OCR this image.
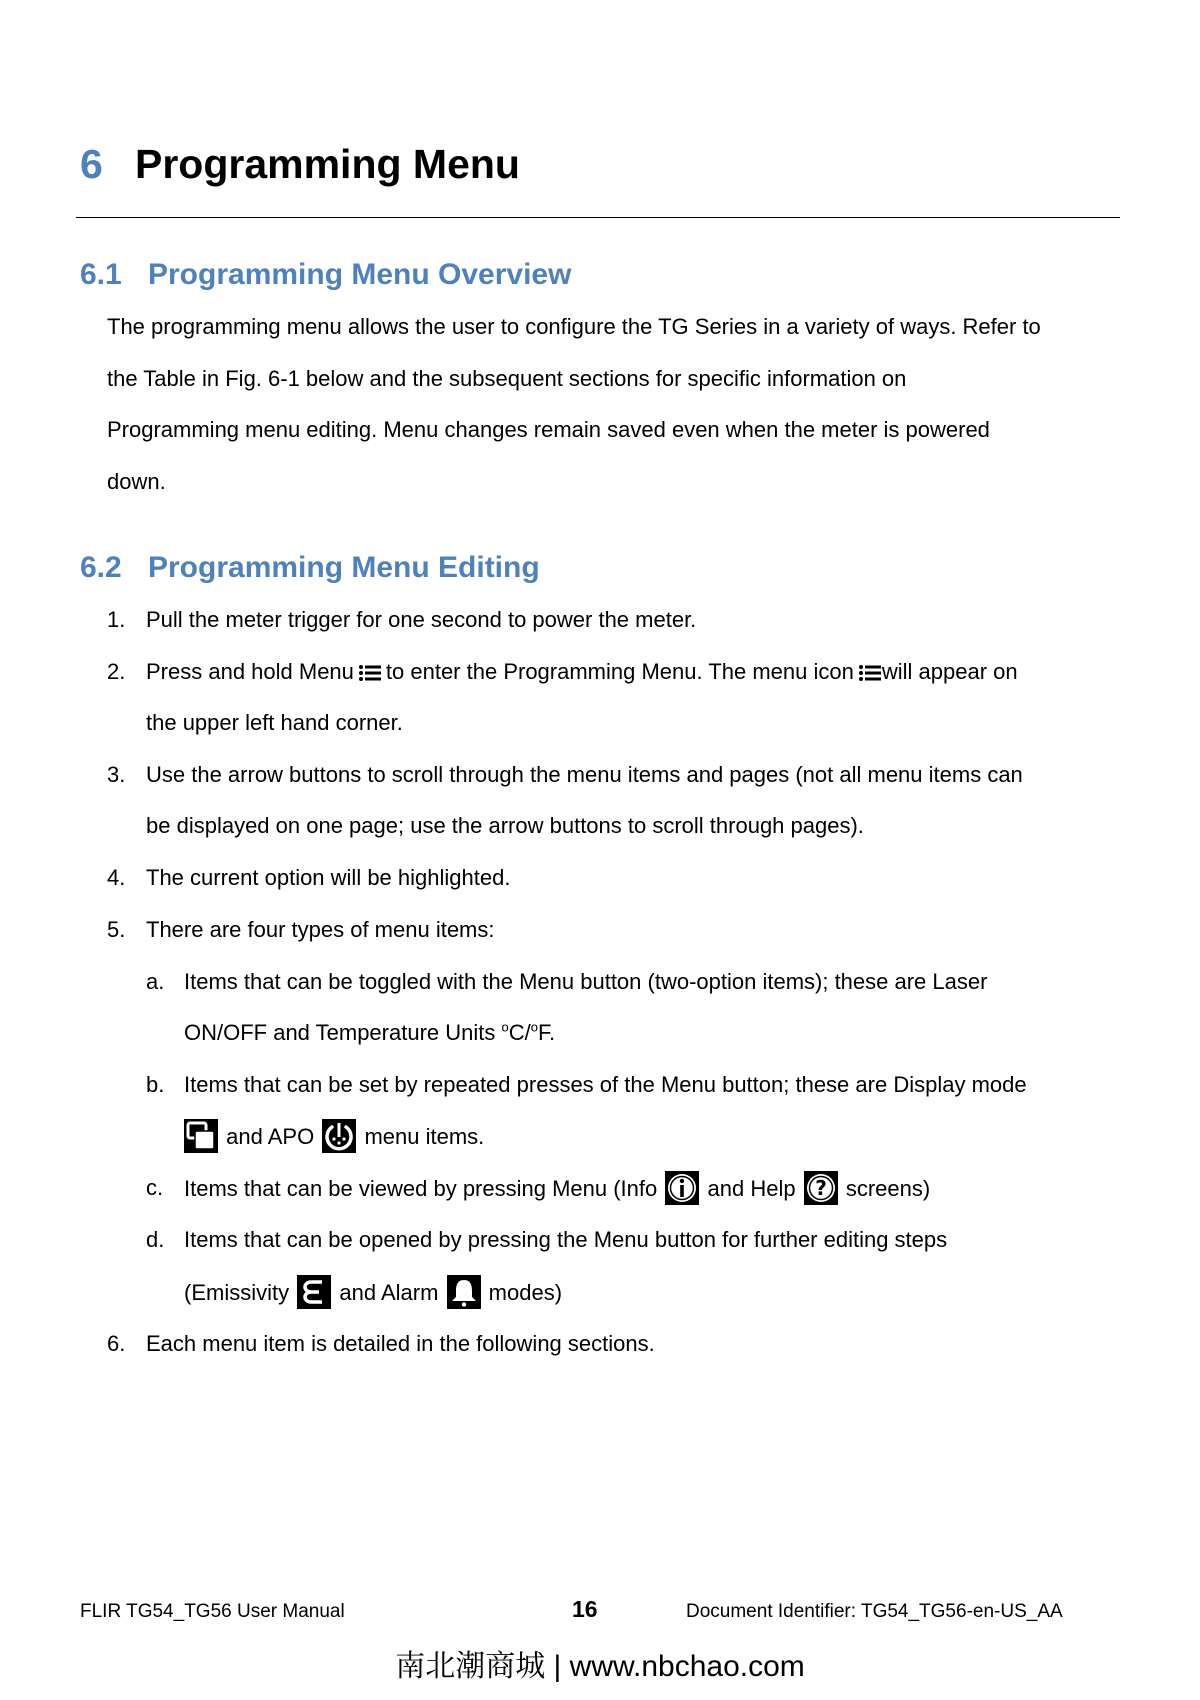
6 Programming Menu
6.1 Programming Menu Overview
The programming menu allows the user to configure the TG Series in a variety of ways. Refer to
the Table in Fig. 6-1 below and the subsequent sections for specific information on
Programming menu editing. Menu changes remain saved even when the meter is powered
down.
6.2 Programming Menu Editing
1. Pull the meter trigger for one second to power the meter.
2. Press and hold Menu to enter the Programming Menu. The menu icon will appear on
the upper left hand corner.
3. Use the arrow buttons to scroll through the menu items and pages (not all menu items can
be displayed on one page; use the arrow buttons to scroll through pages).
4. The current option will be highlighted.
5. There are four types of menu items:
a. Items that can be toggled with the Menu button (two-option items); these are Laser
ON/OFF and Temperature Units $^o$C/$^o$F.
b. Items that can be set by repeated presses of the Menu button; these are Display mode
and APO menu items.
c. Items that can be viewed by pressing Menu (Info and Help ? screens)
d. Items that can be opened by pressing the Menu button for further editing steps
(Emissivity and Alarm modes)
6. Each menu item is detailed in the following sections.
FLIR TG54_TG56 User Manual	16	Document Identifier: TG54_TG56-en-US_AA
南北潮商城 | www.nbchao.com
